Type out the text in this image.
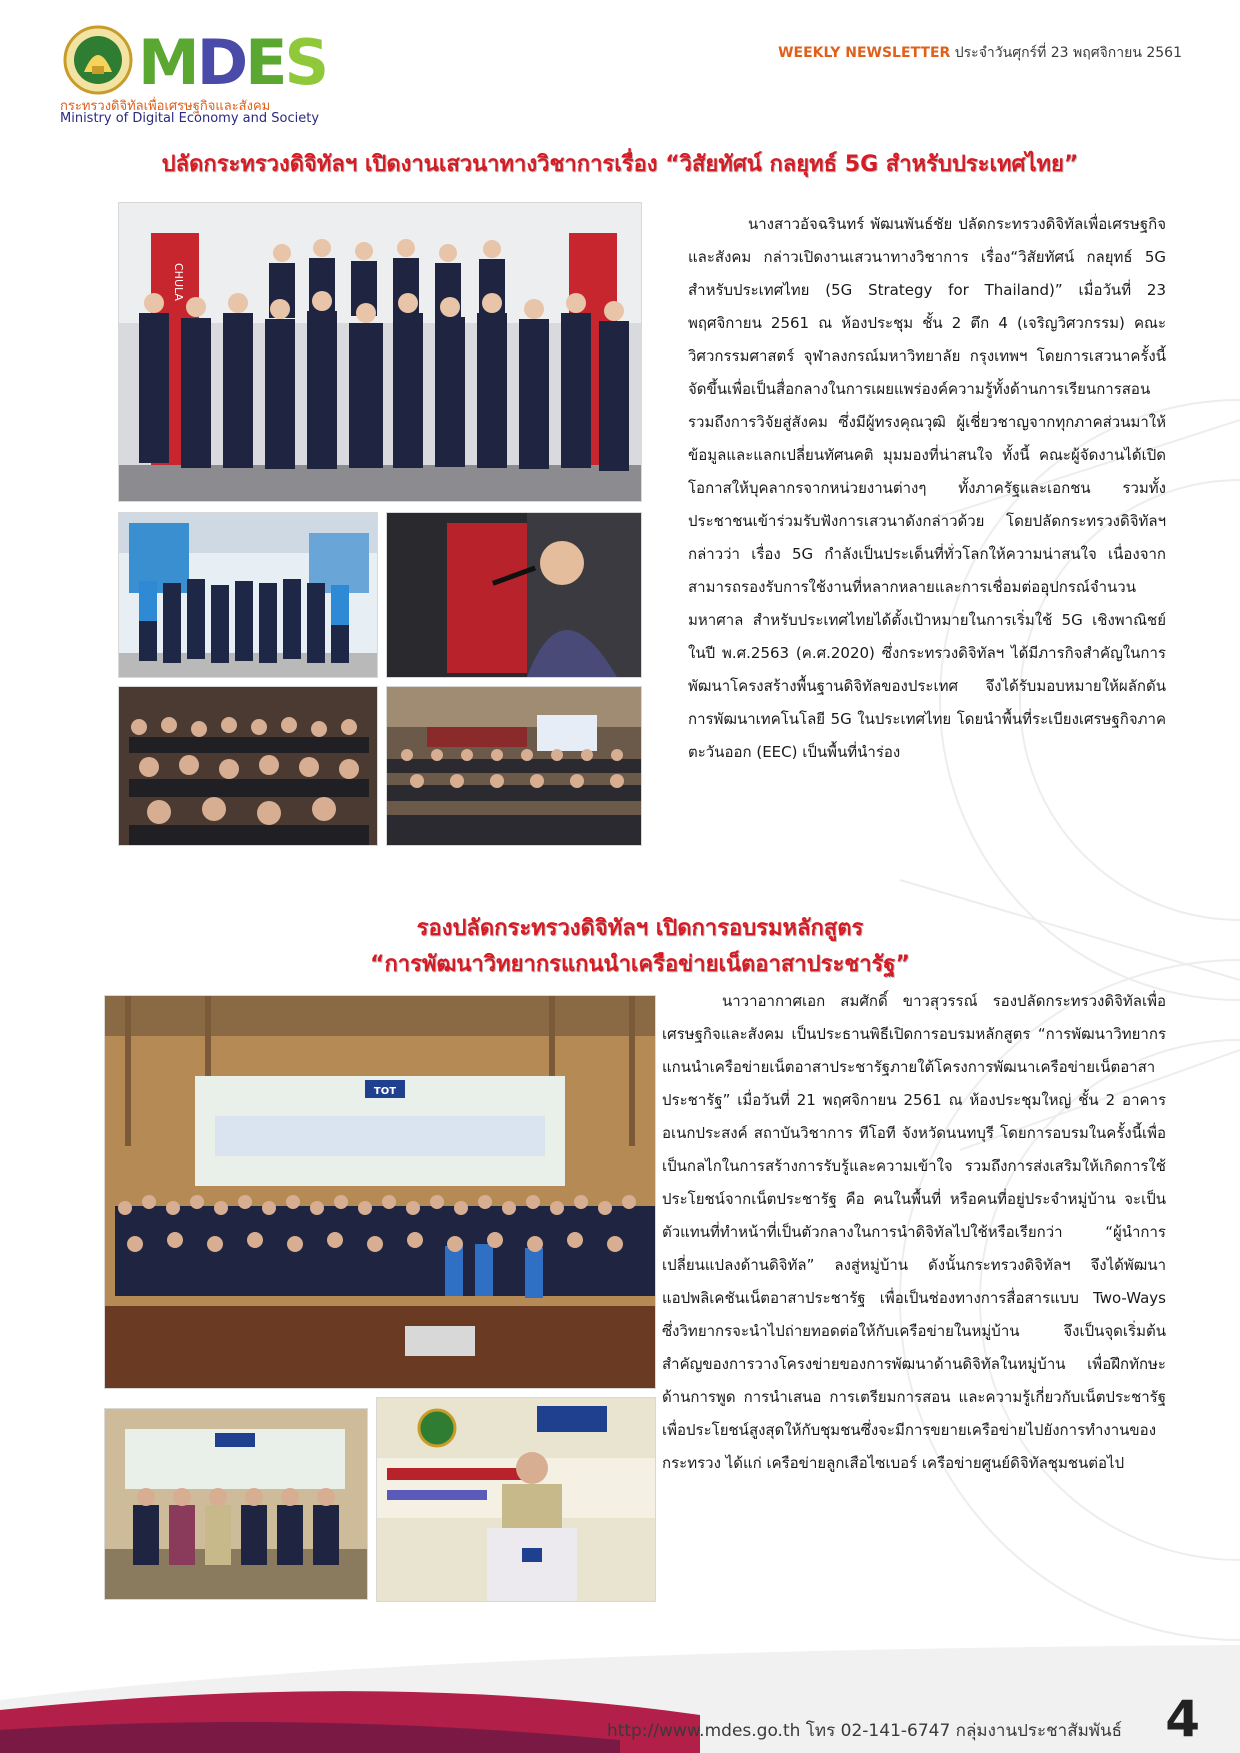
MDES
กระทรวงดิจิทัลเพื่อเศรษฐกิจและสังคม
Ministry of Digital Economy and Society
WEEKLY NEWSLETTER ประจำวันศุกร์ที่ 23 พฤศจิกายน 2561
ปลัดกระทรวงดิจิทัลฯ เปิดงานเสวนาทางวิชาการเรื่อง “วิสัยทัศน์ กลยุทธ์ 5G สำหรับประเทศไทย”
CHULA

นางสาวอัจฉรินทร์ พัฒนพันธ์ชัย ปลัดกระทรวงดิจิทัลเพื่อเศรษฐกิจและสังคม กล่าวเปิดงานเสวนาทางวิชาการ เรื่อง“วิสัยทัศน์ กลยุทธ์ 5G สำหรับประเทศไทย (5G Strategy for Thailand)” เมื่อวันที่ 23 พฤศจิกายน 2561 ณ ห้องประชุม ชั้น 2 ตึก 4 (เจริญวิศวกรรม) คณะวิศวกรรมศาสตร์ จุฬาลงกรณ์มหาวิทยาลัย กรุงเทพฯ โดยการเสวนาครั้งนี้จัดขึ้นเพื่อเป็นสื่อกลางในการเผยแพร่องค์ความรู้ทั้งด้านการเรียนการสอน รวมถึงการวิจัยสู่สังคม ซึ่งมีผู้ทรงคุณวุฒิ ผู้เชี่ยวชาญจากทุกภาคส่วนมาให้ข้อมูลและแลกเปลี่ยนทัศนคติ มุมมองที่น่าสนใจ ทั้งนี้ คณะผู้จัดงานได้เปิดโอกาสให้บุคลากรจากหน่วยงานต่างๆ ทั้งภาครัฐและเอกชน รวมทั้งประชาชนเข้าร่วมรับฟังการเสวนาดังกล่าวด้วย โดยปลัดกระทรวงดิจิทัลฯ กล่าวว่า เรื่อง 5G กำลังเป็นประเด็นที่ทั่วโลกให้ความน่าสนใจ เนื่องจากสามารถรองรับการใช้งานที่หลากหลายและการเชื่อมต่ออุปกรณ์จำนวนมหาศาล สำหรับประเทศไทยได้ตั้งเป้าหมายในการเริ่มใช้ 5G เชิงพาณิชย์ในปี พ.ศ.2563 (ค.ศ.2020) ซึ่งกระทรวงดิจิทัลฯ ได้มีภารกิจสำคัญในการพัฒนาโครงสร้างพื้นฐานดิจิทัลของประเทศ จึงได้รับมอบหมายให้ผลักดันการพัฒนาเทคโนโลยี 5G ในประเทศไทย โดยนำพื้นที่ระเบียงเศรษฐกิจภาคตะวันออก (EEC) เป็นพื้นที่นำร่อง

รองปลัดกระทรวงดิจิทัลฯ เปิดการอบรมหลักสูตร
“การพัฒนาวิทยากรแกนนำเครือข่ายเน็ตอาสาประชารัฐ”
TOT

นาวาอากาศเอก สมศักดิ์ ขาวสุวรรณ์ รองปลัดกระทรวงดิจิทัลเพื่อเศรษฐกิจและสังคม เป็นประธานพิธีเปิดการอบรมหลักสูตร “การพัฒนาวิทยากรแกนนำเครือข่ายเน็ตอาสาประชารัฐภายใต้โครงการพัฒนาเครือข่ายเน็ตอาสาประชารัฐ” เมื่อวันที่ 21 พฤศจิกายน 2561 ณ ห้องประชุมใหญ่ ชั้น 2 อาคารอเนกประสงค์ สถาบันวิชาการ ทีโอที จังหวัดนนทบุรี โดยการอบรมในครั้งนี้เพื่อเป็นกลไกในการสร้างการรับรู้และความเข้าใจ รวมถึงการส่งเสริมให้เกิดการใช้ประโยชน์จากเน็ตประชารัฐ คือ คนในพื้นที่ หรือคนที่อยู่ประจำหมู่บ้าน จะเป็นตัวแทนที่ทำหน้าที่เป็นตัวกลางในการนำดิจิทัลไปใช้หรือเรียกว่า “ผู้นำการเปลี่ยนแปลงด้านดิจิทัล” ลงสู่หมู่บ้าน ดังนั้นกระทรวงดิจิทัลฯ จึงได้พัฒนาแอปพลิเคชันเน็ตอาสาประชารัฐ เพื่อเป็นช่องทางการสื่อสารแบบ Two-Ways ซึ่งวิทยากรจะนำไปถ่ายทอดต่อให้กับเครือข่ายในหมู่บ้าน จึงเป็นจุดเริ่มต้นสำคัญของการวางโครงข่ายของการพัฒนาด้านดิจิทัลในหมู่บ้าน เพื่อฝึกทักษะด้านการพูด การนำเสนอ การเตรียมการสอน และความรู้เกี่ยวกับเน็ตประชารัฐ เพื่อประโยชน์สูงสุดให้กับชุมชนซึ่งจะมีการขยายเครือข่ายไปยังการทำงานของกระทรวง ได้แก่ เครือข่ายลูกเสือไซเบอร์ เครือข่ายศูนย์ดิจิทัลชุมชนต่อไป

http://www.mdes.go.th โทร 02-141-6747 กลุ่มงานประชาสัมพันธ์ 4
